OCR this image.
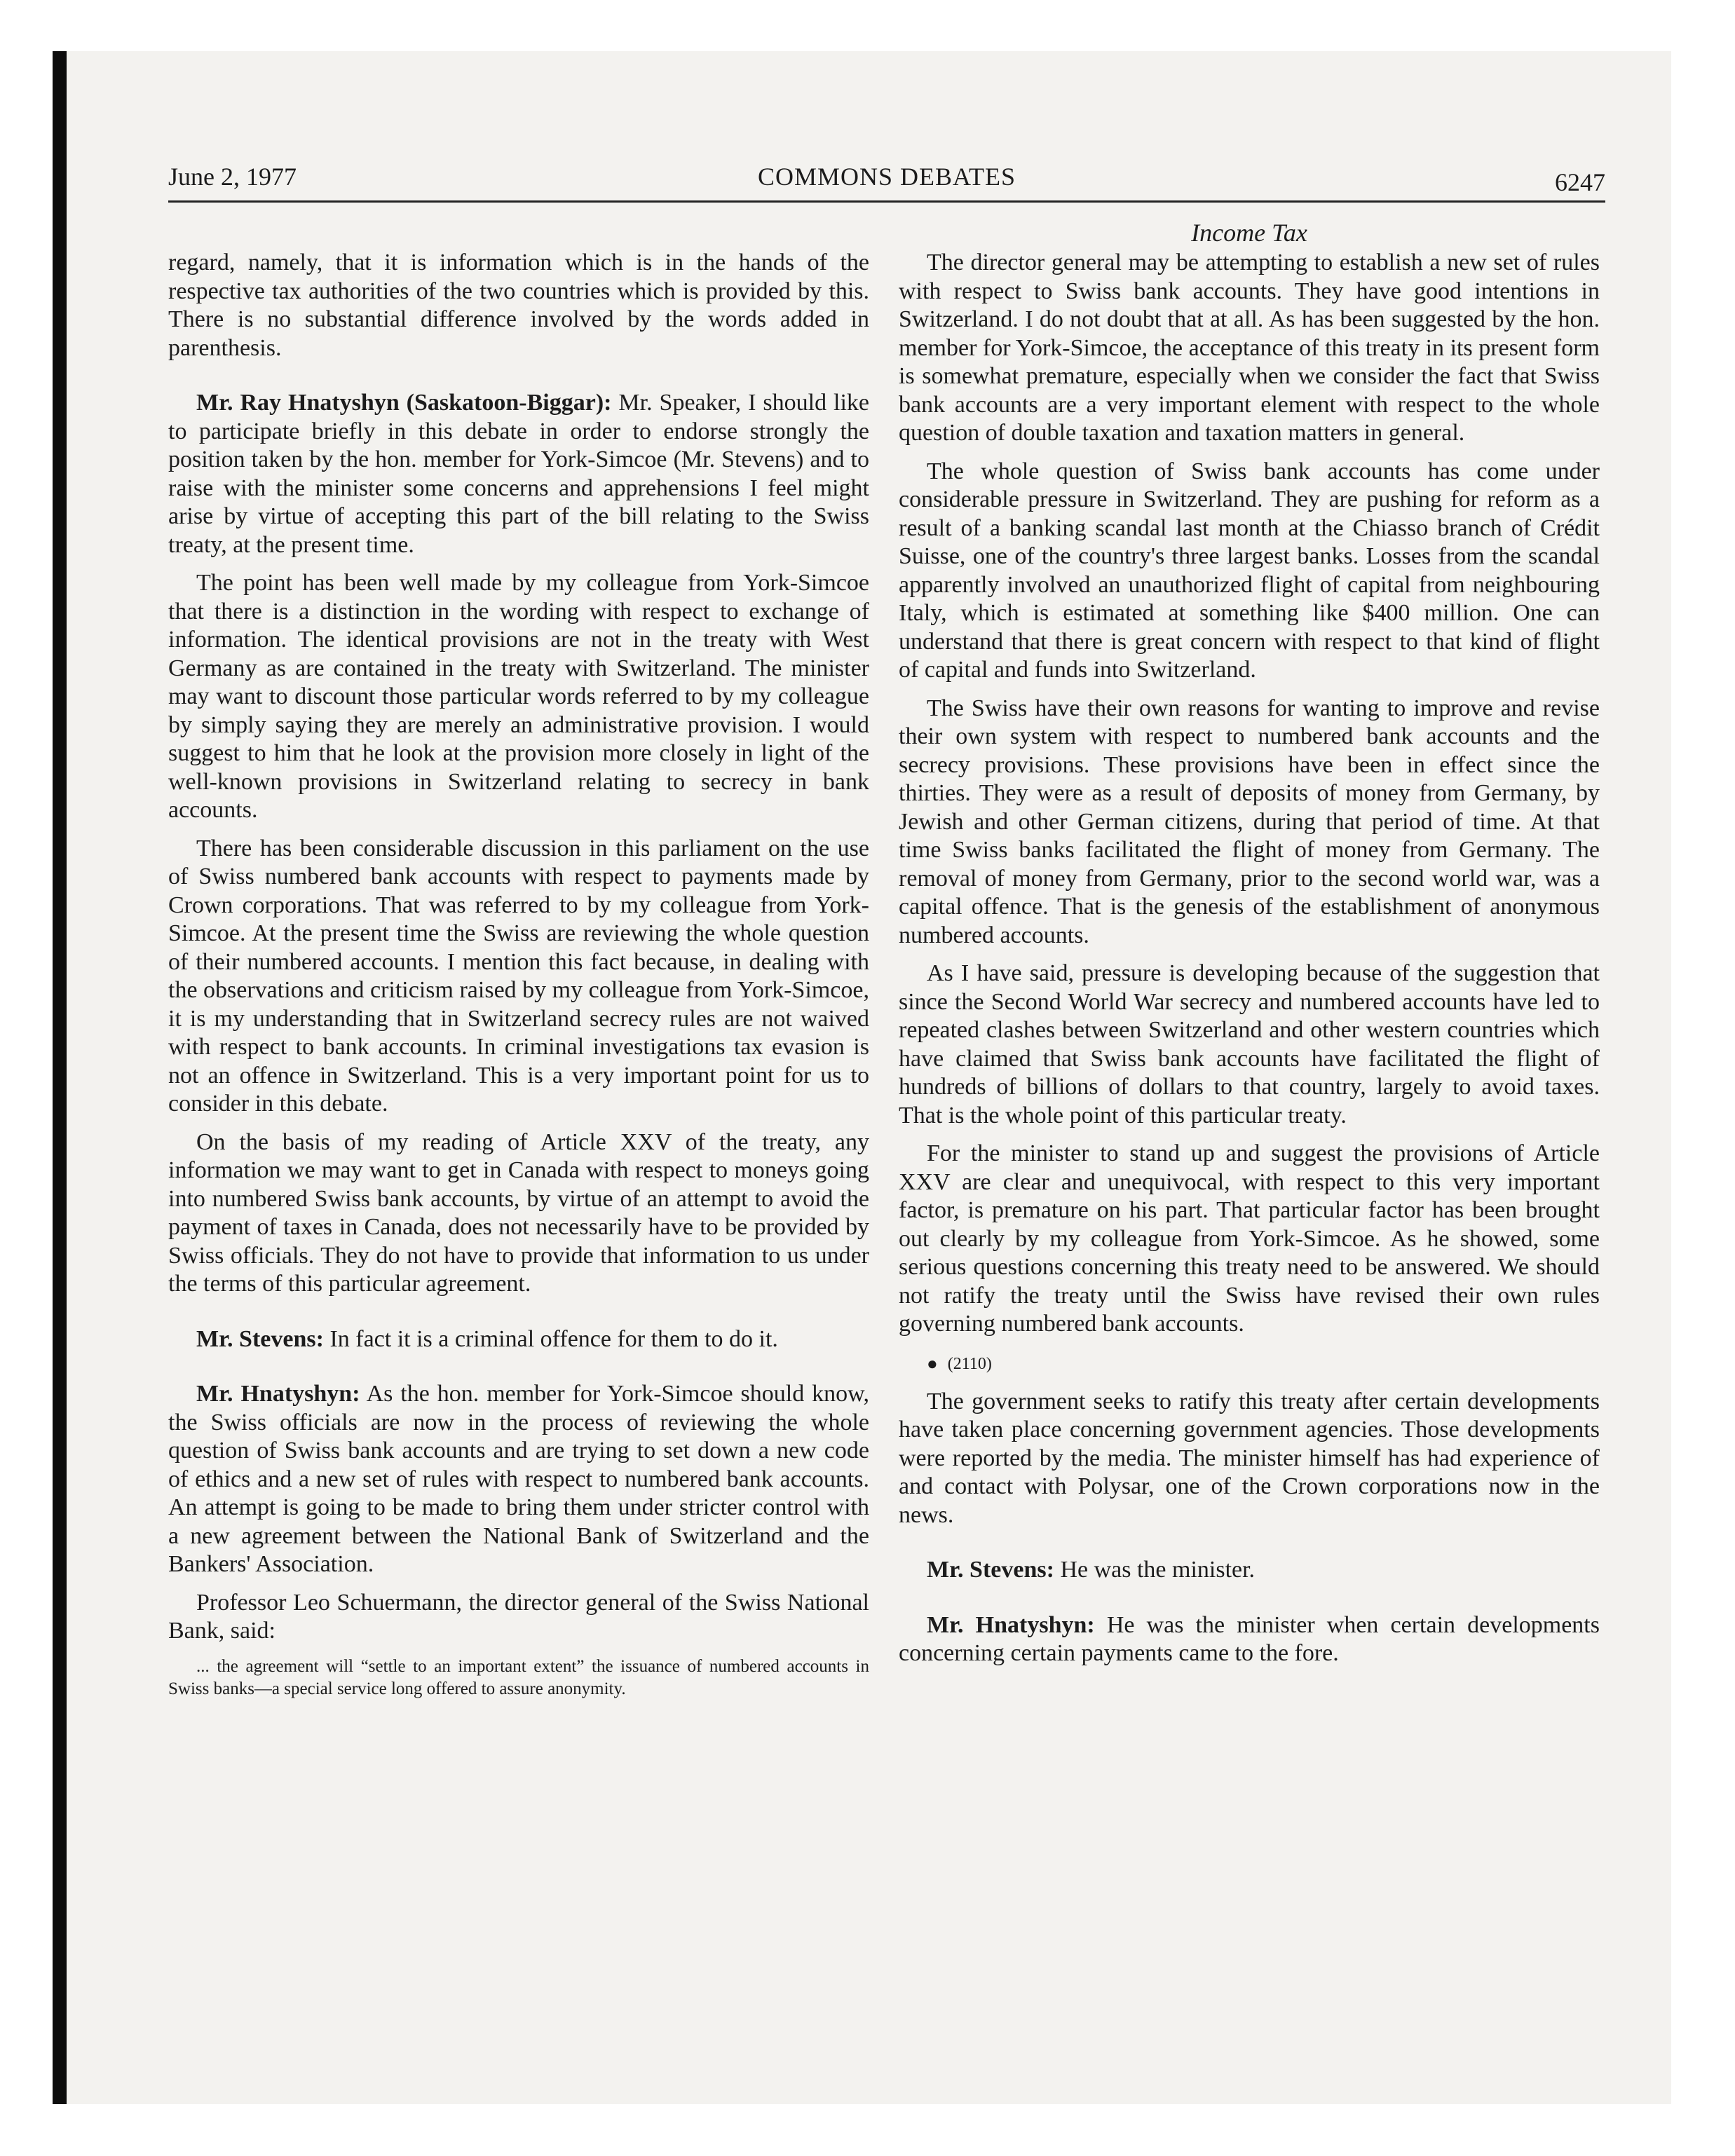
June 2, 1977	COMMONS DEBATES	6247
Income Tax

regard, namely, that it is information which is in the hands of the respective tax authorities of the two countries which is provided by this. There is no substantial difference involved by the words added in parenthesis.

Mr. Ray Hnatyshyn (Saskatoon-Biggar): Mr. Speaker, I should like to participate briefly in this debate in order to endorse strongly the position taken by the hon. member for York-Simcoe (Mr. Stevens) and to raise with the minister some concerns and apprehensions I feel might arise by virtue of accepting this part of the bill relating to the Swiss treaty, at the present time.

The point has been well made by my colleague from York-Simcoe that there is a distinction in the wording with respect to exchange of information. The identical provisions are not in the treaty with West Germany as are contained in the treaty with Switzerland. The minister may want to discount those particular words referred to by my colleague by simply saying they are merely an administrative provision. I would suggest to him that he look at the provision more closely in light of the well-known provisions in Switzerland relating to secrecy in bank accounts.

There has been considerable discussion in this parliament on the use of Swiss numbered bank accounts with respect to payments made by Crown corporations. That was referred to by my colleague from York-Simcoe. At the present time the Swiss are reviewing the whole question of their numbered accounts. I mention this fact because, in dealing with the observations and criticism raised by my colleague from York-Simcoe, it is my understanding that in Switzerland secrecy rules are not waived with respect to bank accounts. In criminal investigations tax evasion is not an offence in Switzerland. This is a very important point for us to consider in this debate.

On the basis of my reading of Article XXV of the treaty, any information we may want to get in Canada with respect to moneys going into numbered Swiss bank accounts, by virtue of an attempt to avoid the payment of taxes in Canada, does not necessarily have to be provided by Swiss officials. They do not have to provide that information to us under the terms of this particular agreement.

Mr. Stevens: In fact it is a criminal offence for them to do it.

Mr. Hnatyshyn: As the hon. member for York-Simcoe should know, the Swiss officials are now in the process of reviewing the whole question of Swiss bank accounts and are trying to set down a new code of ethics and a new set of rules with respect to numbered bank accounts. An attempt is going to be made to bring them under stricter control with a new agreement between the National Bank of Switzerland and the Bankers' Association.

Professor Leo Schuermann, the director general of the Swiss National Bank, said:

... the agreement will “settle to an important extent” the issuance of numbered accounts in Swiss banks—a special service long offered to assure anonymity.

The director general may be attempting to establish a new set of rules with respect to Swiss bank accounts. They have good intentions in Switzerland. I do not doubt that at all. As has been suggested by the hon. member for York-Simcoe, the acceptance of this treaty in its present form is somewhat premature, especially when we consider the fact that Swiss bank accounts are a very important element with respect to the whole question of double taxation and taxation matters in general.

The whole question of Swiss bank accounts has come under considerable pressure in Switzerland. They are pushing for reform as a result of a banking scandal last month at the Chiasso branch of Crédit Suisse, one of the country's three largest banks. Losses from the scandal apparently involved an unauthorized flight of capital from neighbouring Italy, which is estimated at something like $400 million. One can understand that there is great concern with respect to that kind of flight of capital and funds into Switzerland.

The Swiss have their own reasons for wanting to improve and revise their own system with respect to numbered bank accounts and the secrecy provisions. These provisions have been in effect since the thirties. They were as a result of deposits of money from Germany, by Jewish and other German citizens, during that period of time. At that time Swiss banks facilitated the flight of money from Germany. The removal of money from Germany, prior to the second world war, was a capital offence. That is the genesis of the establishment of anonymous numbered accounts.

As I have said, pressure is developing because of the suggestion that since the Second World War secrecy and numbered accounts have led to repeated clashes between Switzerland and other western countries which have claimed that Swiss bank accounts have facilitated the flight of hundreds of billions of dollars to that country, largely to avoid taxes. That is the whole point of this particular treaty.

For the minister to stand up and suggest the provisions of Article XXV are clear and unequivocal, with respect to this very important factor, is premature on his part. That particular factor has been brought out clearly by my colleague from York-Simcoe. As he showed, some serious questions concerning this treaty need to be answered. We should not ratify the treaty until the Swiss have revised their own rules governing numbered bank accounts.

● (2110)

The government seeks to ratify this treaty after certain developments have taken place concerning government agencies. Those developments were reported by the media. The minister himself has had experience of and contact with Polysar, one of the Crown corporations now in the news.

Mr. Stevens: He was the minister.

Mr. Hnatyshyn: He was the minister when certain developments concerning certain payments came to the fore.
